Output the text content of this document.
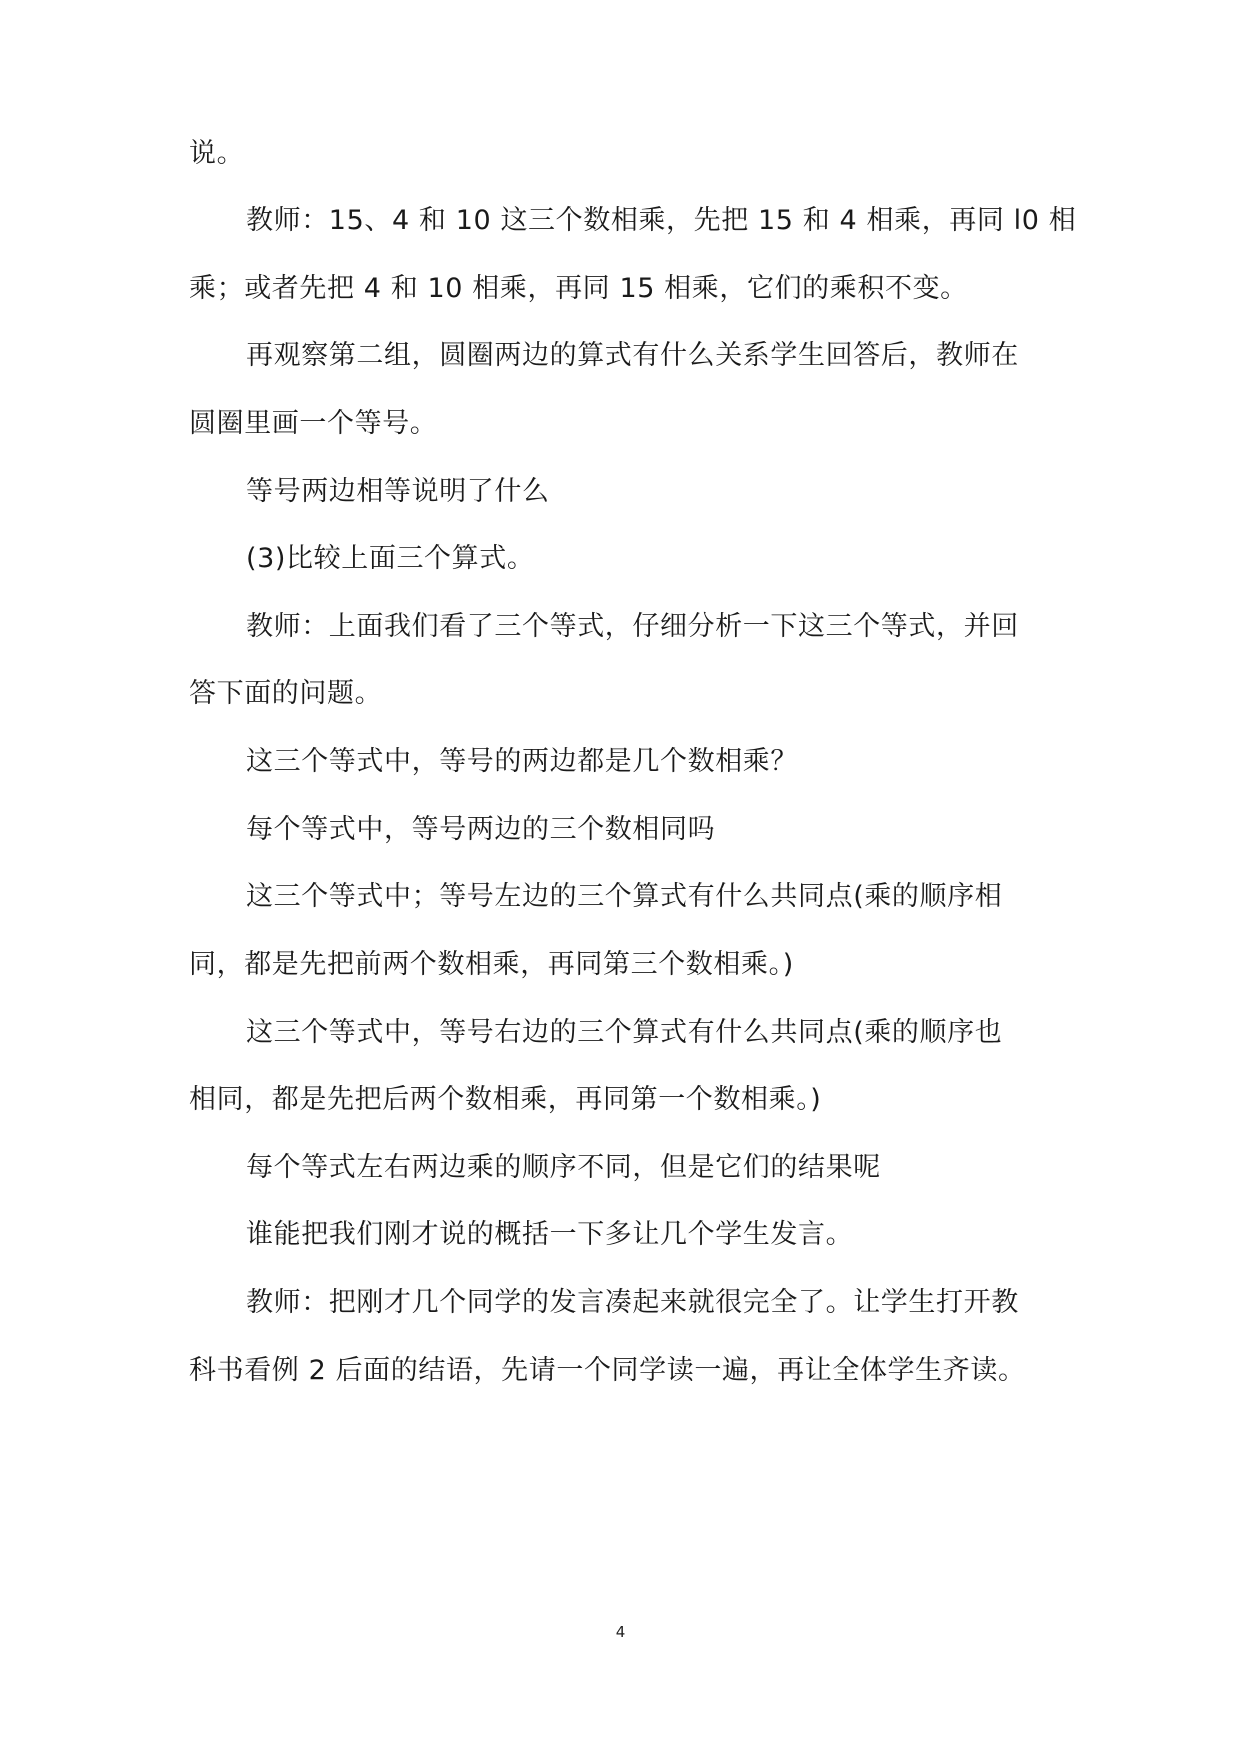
说。
教师：15、4 和 10 这三个数相乘，先把 15 和 4 相乘，再同 l0 相
乘；或者先把 4 和 10 相乘，再同 15 相乘，它们的乘积不变。
再观察第二组，圆圈两边的算式有什么关系学生回答后，教师在
圆圈里画一个等号。
等号两边相等说明了什么
(3)比较上面三个算式。
教师：上面我们看了三个等式，仔细分析一下这三个等式，并回
答下面的问题。
这三个等式中，等号的两边都是几个数相乘？
每个等式中，等号两边的三个数相同吗
这三个等式中；等号左边的三个算式有什么共同点(乘的顺序相
同，都是先把前两个数相乘，再同第三个数相乘。)
这三个等式中，等号右边的三个算式有什么共同点(乘的顺序也
相同，都是先把后两个数相乘，再同第一个数相乘。)
每个等式左右两边乘的顺序不同，但是它们的结果呢
谁能把我们刚才说的概括一下多让几个学生发言。
教师：把刚才几个同学的发言凑起来就很完全了。让学生打开教
科书看例 2 后面的结语，先请一个同学读一遍，再让全体学生齐读。
4
